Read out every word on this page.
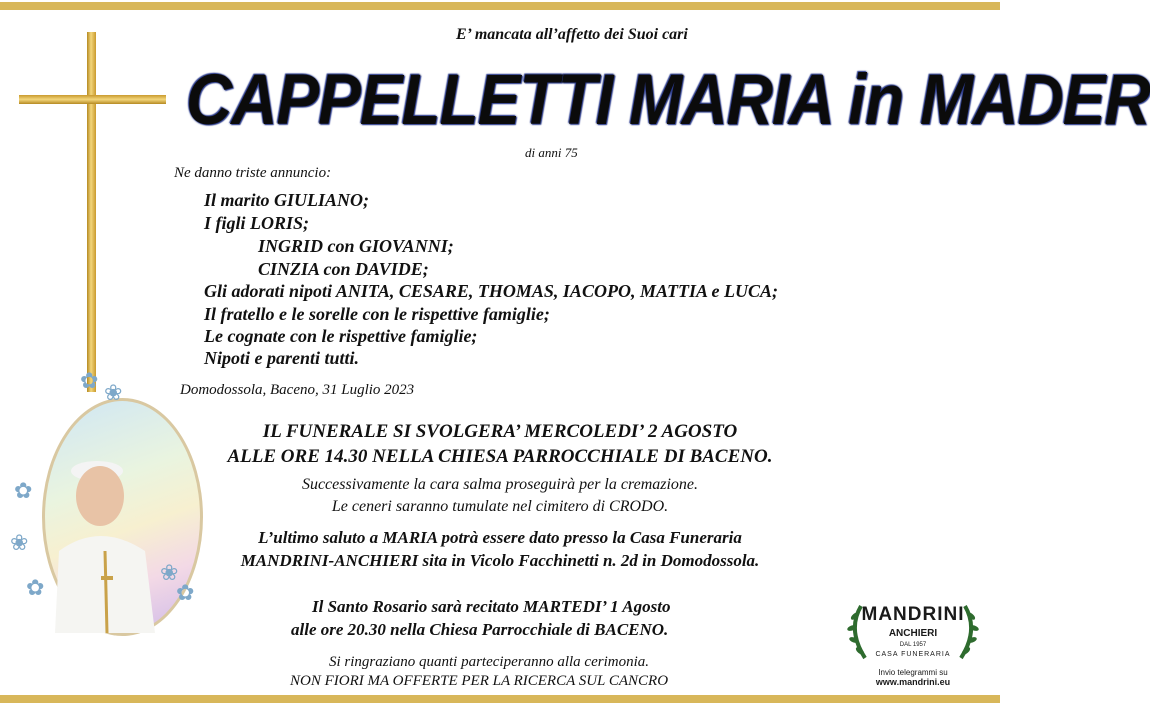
E’ mancata all’affetto dei Suoi cari
CAPPELLETTI MARIA in MADER
di anni 75
Ne danno triste annuncio:
Il marito GIULIANO;
I figli LORIS;
INGRID con GIOVANNI;
CINZIA con DAVIDE;
Gli adorati nipoti ANITA, CESARE, THOMAS, IACOPO, MATTIA e LUCA;
Il fratello e le sorelle con le rispettive famiglie;
Le cognate con le rispettive famiglie;
Nipoti e parenti tutti.
Domodossola, Baceno, 31 Luglio 2023
✿ ❀
✿
❀
✿
❀
✿
IL FUNERALE SI SVOLGERA’ MERCOLEDI’ 2 AGOSTO
ALLE ORE 14.30 NELLA CHIESA PARROCCHIALE DI BACENO.
Successivamente la cara salma proseguirà per la cremazione.
Le ceneri saranno tumulate nel cimitero di CRODO.
L’ultimo saluto a MARIA potrà essere dato presso la Casa Funeraria
MANDRINI-ANCHIERI sita in Vicolo Facchinetti n. 2d in Domodossola.
Il Santo Rosario sarà recitato MARTEDI’ 1 Agosto
alle ore 20.30 nella Chiesa Parrocchiale di BACENO.
Si ringraziano quanti parteciperanno alla cerimonia.
NON FIORI MA OFFERTE PER LA RICERCA SUL CANCRO
MANDRINI
ANCHIERI
DAL 1957
CASA FUNERARIA
Invio telegrammi su
www.mandrini.eu
